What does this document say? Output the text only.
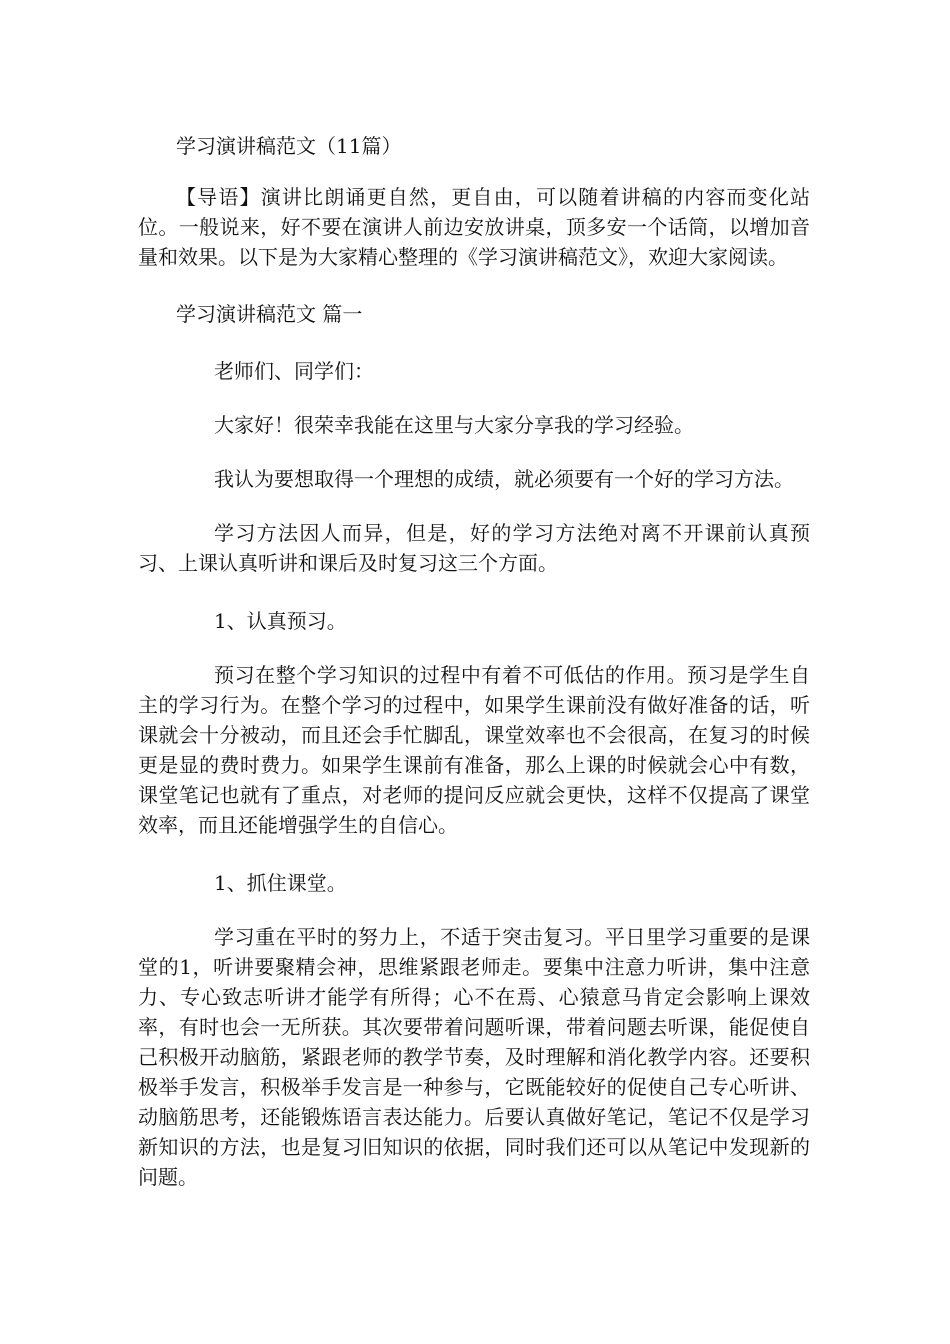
学习演讲稿范文（11篇）

【导语】演讲比朗诵更自然，更自由，可以随着讲稿的内容而变化站位。一般说来，好不要在演讲人前边安放讲桌，顶多安一个话筒，以增加音量和效果。以下是为大家精心整理的《学习演讲稿范文》，欢迎大家阅读。

学习演讲稿范文 篇一

老师们、同学们：

大家好！很荣幸我能在这里与大家分享我的学习经验。

我认为要想取得一个理想的成绩，就必须要有一个好的学习方法。

学习方法因人而异，但是，好的学习方法绝对离不开课前认真预习、上课认真听讲和课后及时复习这三个方面。

1、认真预习。

预习在整个学习知识的过程中有着不可低估的作用。预习是学生自主的学习行为。在整个学习的过程中，如果学生课前没有做好准备的话，听课就会十分被动，而且还会手忙脚乱，课堂效率也不会很高，在复习的时候更是显的费时费力。如果学生课前有准备，那么上课的时候就会心中有数，课堂笔记也就有了重点，对老师的提问反应就会更快，这样不仅提高了课堂效率，而且还能增强学生的自信心。

1、抓住课堂。

学习重在平时的努力上，不适于突击复习。平日里学习重要的是课堂的1，听讲要聚精会神，思维紧跟老师走。要集中注意力听讲，集中注意力、专心致志听讲才能学有所得；心不在焉、心猿意马肯定会影响上课效率，有时也会一无所获。其次要带着问题听课，带着问题去听课，能促使自己积极开动脑筋，紧跟老师的教学节奏，及时理解和消化教学内容。还要积极举手发言，积极举手发言是一种参与，它既能较好的促使自己专心听讲、动脑筋思考，还能锻炼语言表达能力。后要认真做好笔记，笔记不仅是学习新知识的方法，也是复习旧知识的依据，同时我们还可以从笔记中发现新的问题。
